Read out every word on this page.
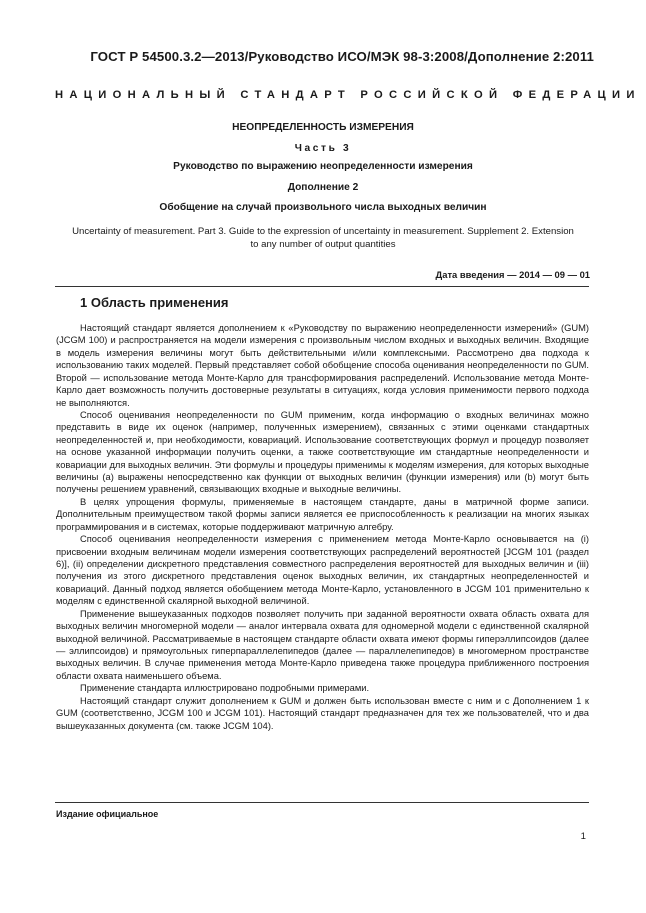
ГОСТ Р 54500.3.2—2013/Руководство ИСО/МЭК 98-3:2008/Дополнение 2:2011
НАЦИОНАЛЬНЫЙ СТАНДАРТ РОССИЙСКОЙ ФЕДЕРАЦИИ
НЕОПРЕДЕЛЕННОСТЬ ИЗМЕРЕНИЯ
Часть 3
Руководство по выражению неопределенности измерения
Дополнение 2
Обобщение на случай произвольного числа выходных величин
Uncertainty of measurement. Part 3. Guide to the expression of uncertainty in measurement. Supplement 2. Extension to any number of output quantities
Дата введения — 2014 — 09 — 01
1 Область применения

Настоящий стандарт является дополнением к «Руководству по выражению неопределенности измерений» (GUM) (JCGM 100) и распространяется на модели измерения с произвольным числом входных и выходных величин. Входящие в модель измерения величины могут быть действительными и/или комплексными. Рассмотрено два подхода к использованию таких моделей. Первый представляет собой обобщение способа оценивания неопределенности по GUM. Второй — использование метода Монте-Карло для трансформирования распределений. Использование метода Монте-Карло дает возможность получить достоверные результаты в ситуациях, когда условия применимости первого подхода не выполняются.

Способ оценивания неопределенности по GUM применим, когда информацию о входных величинах можно представить в виде их оценок (например, полученных измерением), связанных с этими оценками стандартных неопределенностей и, при необходимости, ковариаций. Использование соответствующих формул и процедур позволяет на основе указанной информации получить оценки, а также соответствующие им стандартные неопределенности и ковариации для выходных величин. Эти формулы и процедуры применимы к моделям измерения, для которых выходные величины (a) выражены непосредственно как функции от выходных величин (функции измерения) или (b) могут быть получены решением уравнений, связывающих входные и выходные величины.

В целях упрощения формулы, применяемые в настоящем стандарте, даны в матричной форме записи. Дополнительным преимуществом такой формы записи является ее приспособленность к реализации на многих языках программирования и в системах, которые поддерживают матричную алгебру.

Способ оценивания неопределенности измерения с применением метода Монте-Карло основывается на (i) присвоении входным величинам модели измерения соответствующих распределений вероятностей [JCGM 101 (раздел 6)], (ii) определении дискретного представления совместного распределения вероятностей для выходных величин и (iii) получения из этого дискретного представления оценок выходных величин, их стандартных неопределенностей и ковариаций. Данный подход является обобщением метода Монте-Карло, установленного в JCGM 101 применительно к моделям с единственной скалярной выходной величиной.

Применение вышеуказанных подходов позволяет получить при заданной вероятности охвата область охвата для выходных величин многомерной модели — аналог интервала охвата для одномерной модели с единственной скалярной выходной величиной. Рассматриваемые в настоящем стандарте области охвата имеют формы гиперэллипсоидов (далее — эллипсоидов) и прямоугольных гиперпараллелепипедов (далее — параллелепипедов) в многомерном пространстве выходных величин. В случае применения метода Монте-Карло приведена также процедура приближенного построения области охвата наименьшего объема.

Применение стандарта иллюстрировано подробными примерами.

Настоящий стандарт служит дополнением к GUM и должен быть использован вместе с ним и с Дополнением 1 к GUM (соответственно, JCGM 100 и JCGM 101). Настоящий стандарт предназначен для тех же пользователей, что и два вышеуказанных документа (см. также JCGM 104).

Издание официальное
1
